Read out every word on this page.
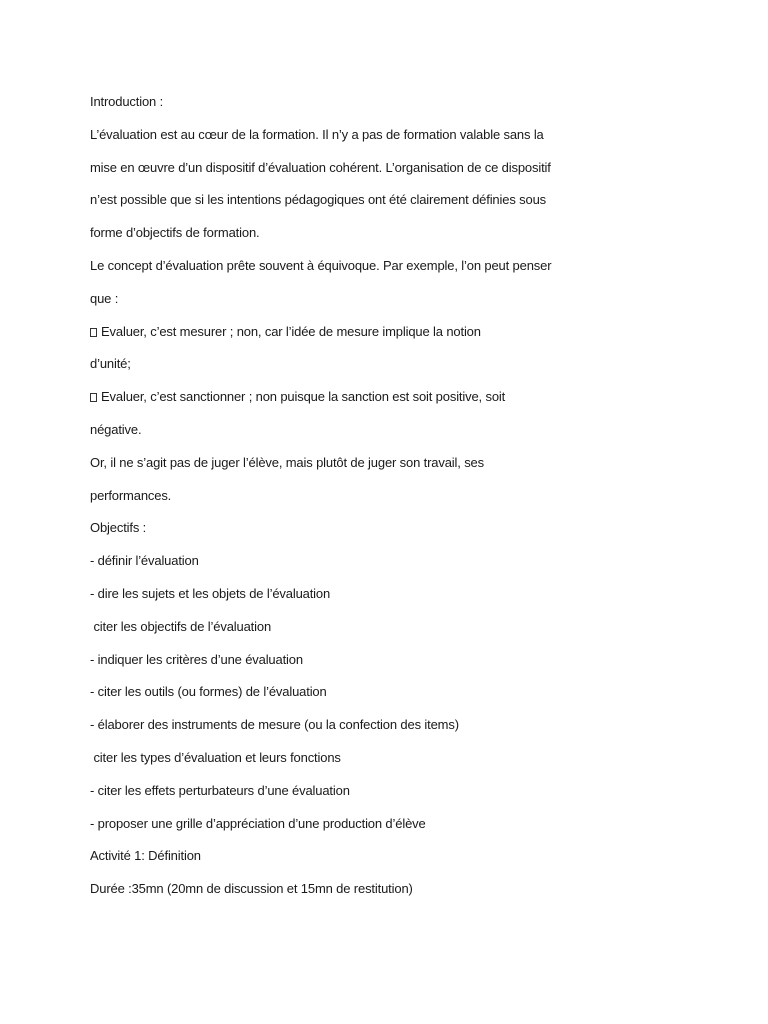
Introduction :
L’évaluation est au cœur de la formation. Il n’y a pas de formation valable sans la
mise en œuvre d’un dispositif d’évaluation cohérent. L’organisation de ce dispositif
n’est possible que si les intentions pédagogiques ont été clairement définies sous
forme d’objectifs de formation.
Le concept d’évaluation prête souvent à équivoque. Par exemple, l’on peut penser
que :
Evaluer, c’est mesurer ; non, car l’idée de mesure implique la notion
d’unité;
Evaluer, c’est sanctionner ; non puisque la sanction est soit positive, soit
négative.
Or, il ne s’agit pas de juger l’élève, mais plutôt de juger son travail, ses
performances.
Objectifs :
- définir l’évaluation
- dire les sujets et les objets de l’évaluation
citer les objectifs de l’évaluation
- indiquer les critères d’une évaluation
- citer les outils (ou formes) de l’évaluation
- élaborer des instruments de mesure (ou la confection des items)
citer les types d’évaluation et leurs fonctions
- citer les effets perturbateurs d’une évaluation
- proposer une grille d’appréciation d’une production d’élève
Activité 1: Définition
Durée :35mn (20mn de discussion et 15mn de restitution)
